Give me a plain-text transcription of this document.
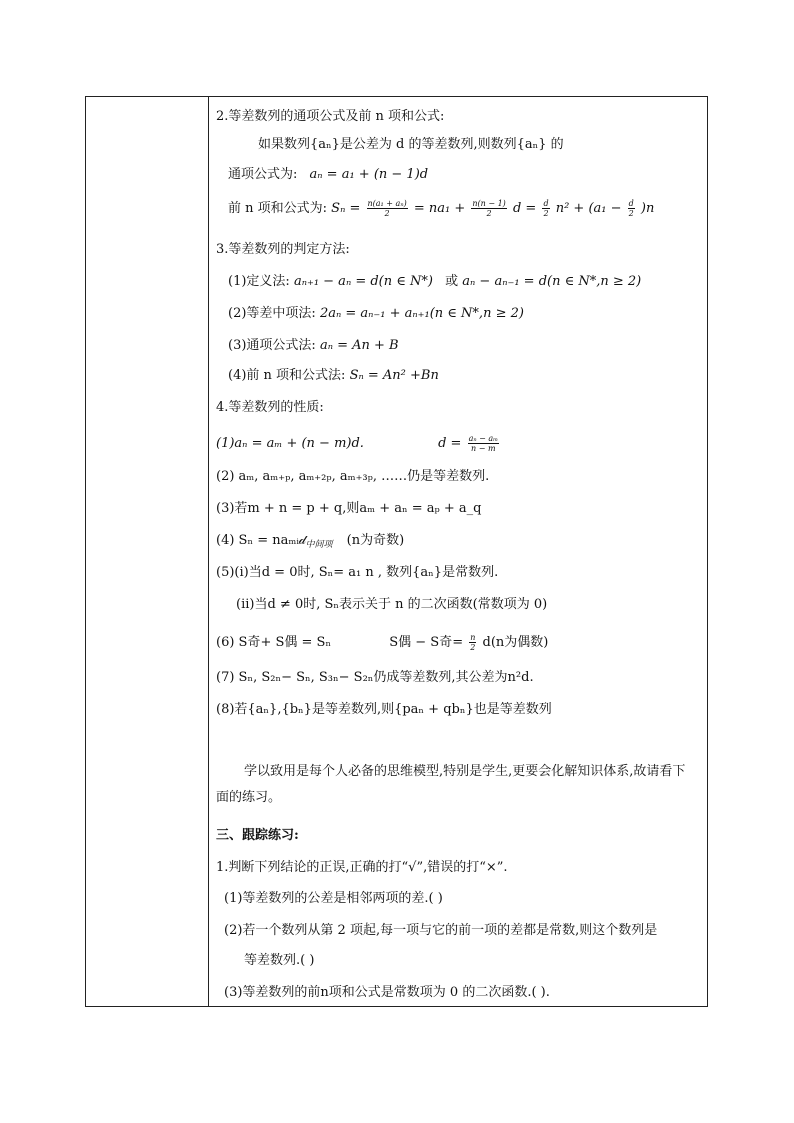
2.等差数列的通项公式及前 n 项和公式:
如果数列{aₙ}是公差为 d 的等差数列,则数列{aₙ} 的
通项公式为: aₙ = a₁ + (n − 1)d
前 n 项和公式为: $S_n = \frac{\text{n(a₁ + aₙ)}}{2} = na_1 + \frac{n(n - 1)}{2}$ $d = \frac{d}{2} n^2 + (a_1 - \frac{d}{2} )n$
3.等差数列的判定方法:
(1)定义法: aₙ₊₁ − aₙ = d(n ∈ N*) 或 aₙ − aₙ₋₁ = d(n ∈ N*,n ≥ 2)
(2)等差中项法: 2aₙ = aₙ₋₁ + aₙ₊₁(n ∈ N*,n ≥ 2)
(3)通项公式法: aₙ = An + B
(4)前 n 项和公式法: Sₙ = An² +Bn
4.等差数列的性质:
(1)aₙ = aₘ + (n − m)d.	$d = \frac{\text{aₙ − aₘ}}{n - m}$
(2) aₘ, aₘ₊ₚ, aₘ₊₂ₚ, aₘ₊₃ₚ, ……仍是等差数列.
(3)若m + n = p + q,则aₘ + aₙ = aₚ + a_q
(4) Sₙ = naₘᵢ𝒹$_{中间项}$ (n为奇数)
(5)(i)当d = 0时, Sₙ= a₁ n , 数列{aₙ}是常数列.
(ii)当d ≠ 0时, Sₙ表示关于 n 的二次函数(常数项为 0)
(6) S奇+ S偶 = Sₙ	S偶 − S奇= $\frac{n}{2} d(n$为偶数)
(7) Sₙ, S₂ₙ− Sₙ, S₃ₙ− S₂ₙ仍成等差数列,其公差为n²d.
(8)若{aₙ},{bₙ}是等差数列,则{paₙ + qbₙ}也是等差数列
学以致用是每个人必备的思维模型,特别是学生,更要会化解知识体系,故请看下面的练习。
三、跟踪练习:
1.判断下列结论的正误,正确的打“√”,错误的打“×”.
(1)等差数列的公差是相邻两项的差.( )
(2)若一个数列从第 2 项起,每一项与它的前一项的差都是常数,则这个数列是
等差数列.( )
(3)等差数列的前n项和公式是常数项为 0 的二次函数.( ).
